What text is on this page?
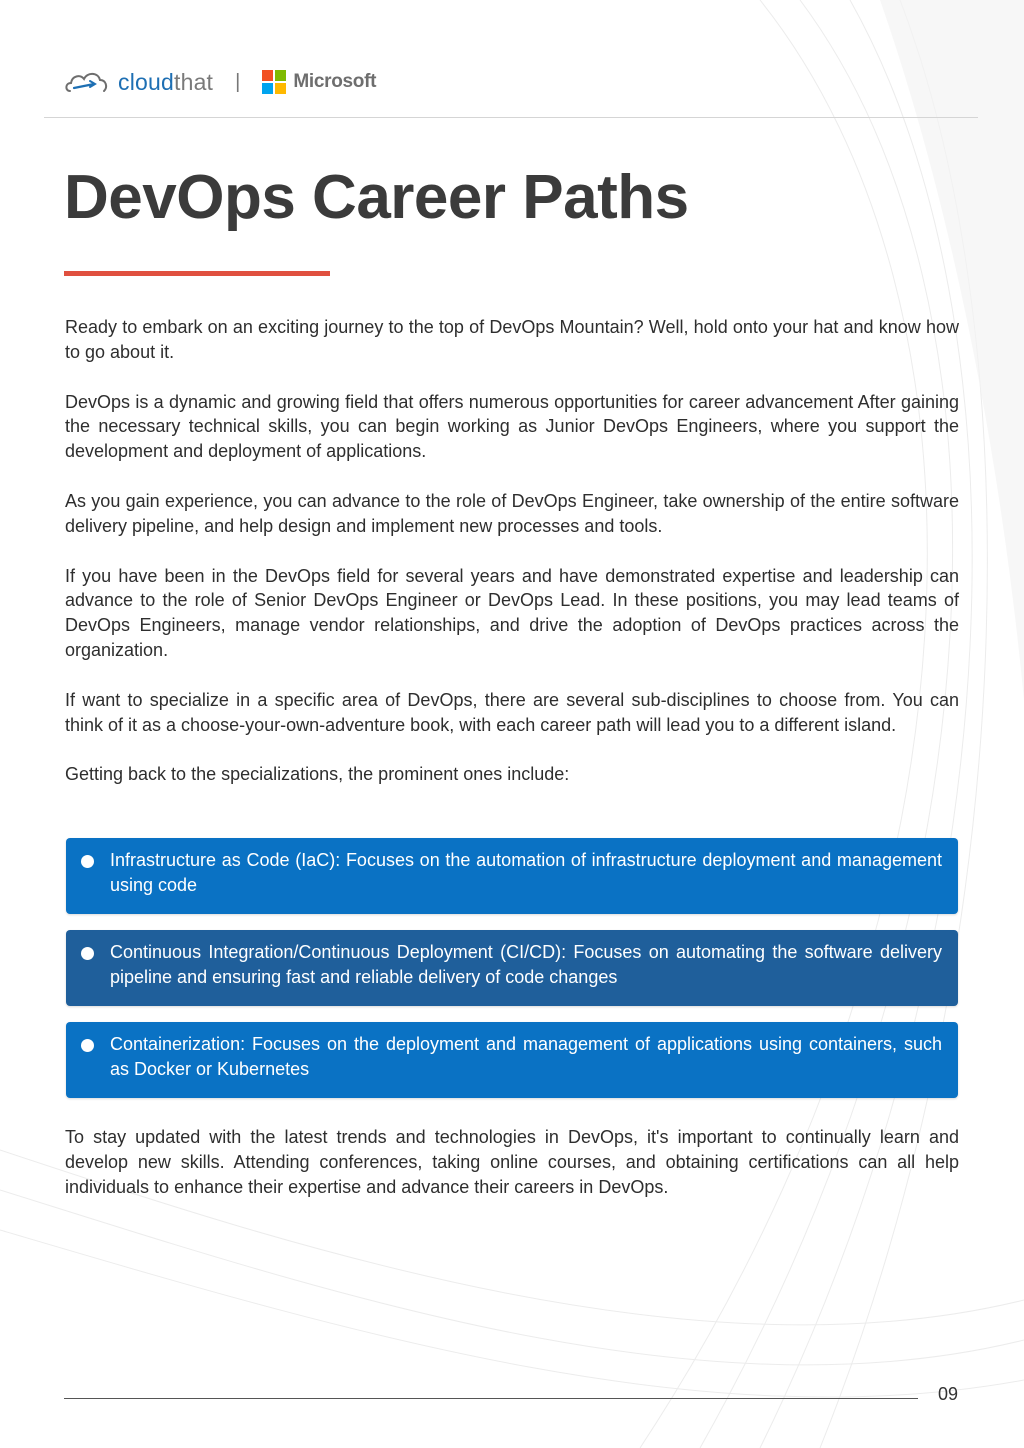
cloudthat |	Microsoft
DevOps Career Paths

Ready to embark on an exciting journey to the top of DevOps Mountain? Well, hold onto your hat and know how to go about it.

DevOps is a dynamic and growing field that offers numerous opportunities for career advancement After gaining the necessary technical skills, you can begin working as Junior DevOps Engineers, where you support the development and deployment of applications.

As you gain experience, you can advance to the role of DevOps Engineer, take ownership of the entire software delivery pipeline, and help design and implement new processes and tools.

If you have been in the DevOps field for several years and have demonstrated expertise and leadership can advance to the role of Senior DevOps Engineer or DevOps Lead. In these positions, you may lead teams of DevOps Engineers, manage vendor relationships, and drive the adoption of DevOps practices across the organization.

If want to specialize in a specific area of DevOps, there are several sub-disciplines to choose from. You can think of it as a choose-your-own-adventure book, with each career path will lead you to a different island.

Getting back to the specializations, the prominent ones include:

Infrastructure as Code (IaC): Focuses on the automation of infrastructure deployment and management using code
Continuous Integration/Continuous Deployment (CI/CD): Focuses on automating the software delivery pipeline and ensuring fast and reliable delivery of code changes
Containerization: Focuses on the deployment and management of applications using containers, such as Docker or Kubernetes

To stay updated with the latest trends and technologies in DevOps, it's important to continually learn and develop new skills. Attending conferences, taking online courses, and obtaining certifications can all help individuals to enhance their expertise and advance their careers in DevOps.

09
